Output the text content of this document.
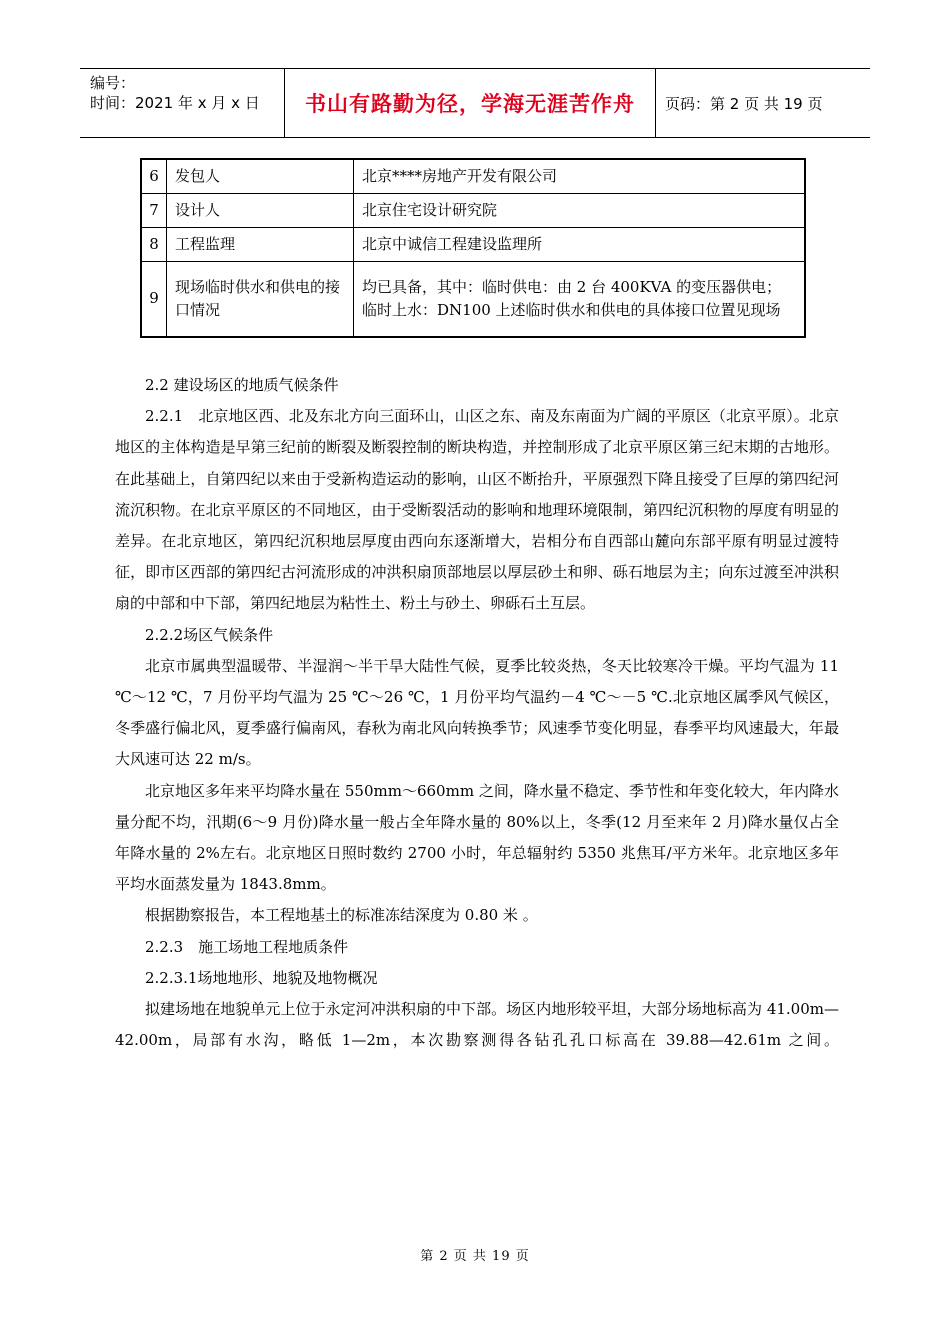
编号：
时间：2021 年 x 月 x 日	书山有路勤为径，学海无涯苦作舟	页码：第 2 页 共 19 页
6	发包人	北京****房地产开发有限公司
7	设计人	北京住宅设计研究院
8	工程监理	北京中诚信工程建设监理所
9	现场临时供水和供电的接口情况	均已具备，其中：临时供电：由 2 台 400KVA 的变压器供电；临时上水：DN100 上述临时供水和供电的具体接口位置见现场

2.2 建设场区的地质气候条件

2.2.1　北京地区西、北及东北方向三面环山，山区之东、南及东南面为广阔的平原区（北京平原）。北京地区的主体构造是早第三纪前的断裂及断裂控制的断块构造，并控制形成了北京平原区第三纪末期的古地形。在此基础上，自第四纪以来由于受新构造运动的影响，山区不断抬升，平原强烈下降且接受了巨厚的第四纪河流沉积物。在北京平原区的不同地区，由于受断裂活动的影响和地理环境限制，第四纪沉积物的厚度有明显的差异。在北京地区，第四纪沉积地层厚度由西向东逐渐增大，岩相分布自西部山麓向东部平原有明显过渡特征，即市区西部的第四纪古河流形成的冲洪积扇顶部地层以厚层砂土和卵、砾石地层为主；向东过渡至冲洪积扇的中部和中下部，第四纪地层为粘性土、粉土与砂土、卵砾石土互层。

2.2.2场区气候条件

北京市属典型温暖带、半湿润～半干旱大陆性气候，夏季比较炎热，冬天比较寒冷干燥。平均气温为 11 ℃～12 ℃，7 月份平均气温为 25 ℃～26 ℃，1 月份平均气温约－4 ℃～－5 ℃.北京地区属季风气候区，冬季盛行偏北风，夏季盛行偏南风，春秋为南北风向转换季节；风速季节变化明显，春季平均风速最大，年最大风速可达 22 m/s。

北京地区多年来平均降水量在 550mm～660mm 之间，降水量不稳定、季节性和年变化较大，年内降水量分配不均，汛期(6～9 月份)降水量一般占全年降水量的 80%以上，冬季(12 月至来年 2 月)降水量仅占全年降水量的 2%左右。北京地区日照时数约 2700 小时，年总辐射约 5350 兆焦耳/平方米年。北京地区多年平均水面蒸发量为 1843.8mm。

根据勘察报告，本工程地基土的标准冻结深度为 0.80 米 。

2.2.3　施工场地工程地质条件

2.2.3.1场地地形、地貌及地物概况

拟建场地在地貌单元上位于永定河冲洪积扇的中下部。场区内地形较平坦，大部分场地标高为 41.00m—42.00m，局部有水沟，略低 1—2m，本次勘察测得各钻孔孔口标高在 39.88—42.61m 之间。

第 2 页 共 19 页
